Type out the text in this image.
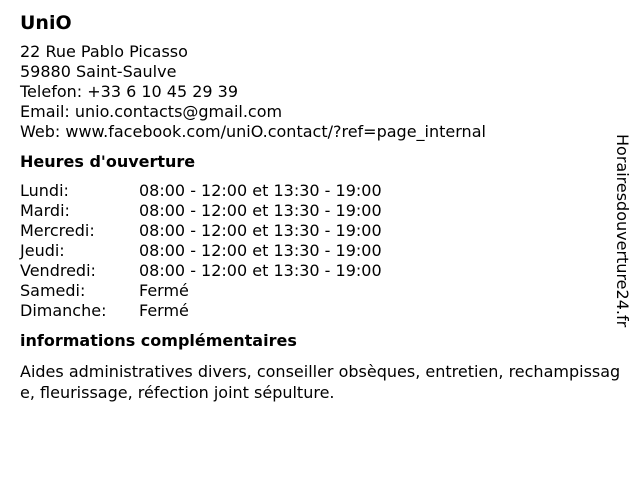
UniO
22 Rue Pablo Picasso
59880 Saint-Saulve
Telefon: +33 6 10 45 29 39
Email: unio.contacts@gmail.com
Web: www.facebook.com/uniO.contact/?ref=page_internal
Heures d'ouverture
Lundi:	08:00 - 12:00 et 13:30 - 19:00
Mardi:	08:00 - 12:00 et 13:30 - 19:00
Mercredi:	08:00 - 12:00 et 13:30 - 19:00
Jeudi:	08:00 - 12:00 et 13:30 - 19:00
Vendredi:	08:00 - 12:00 et 13:30 - 19:00
Samedi:	Fermé
Dimanche:	Fermé
informations complémentaires
Aides administratives divers, conseiller obsèques, entretien, rechampissage, fleurissage, réfection joint sépulture.
Horairesdouverture24.fr
